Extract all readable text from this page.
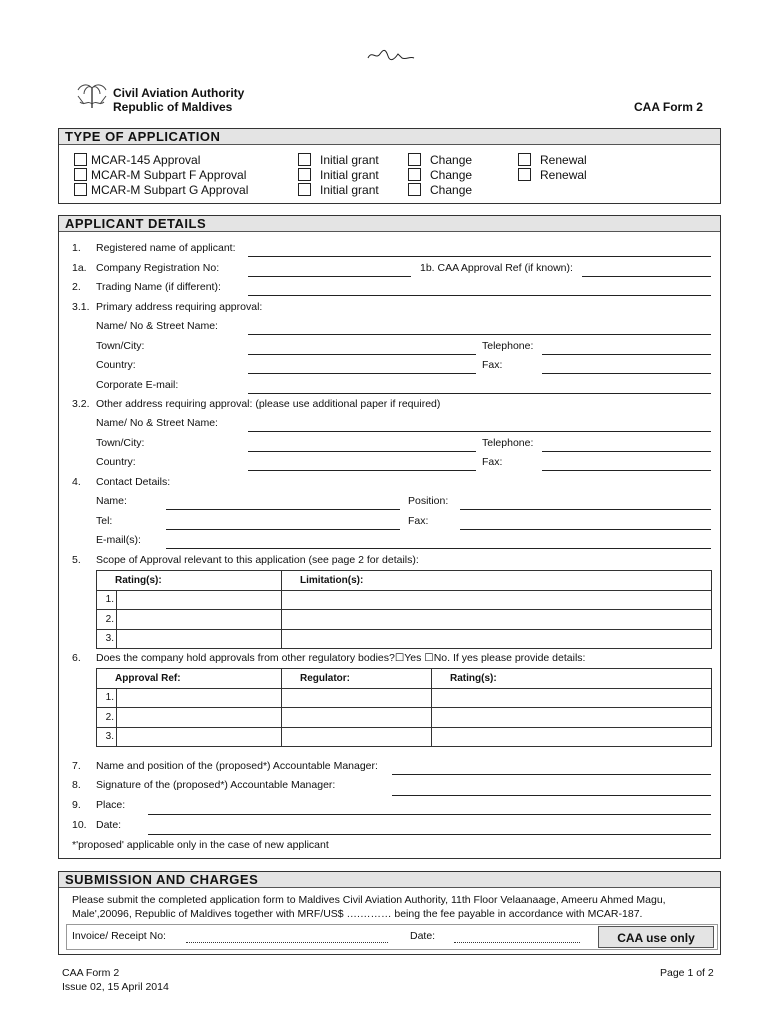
Civil Aviation Authority
Republic of Maldives	CAA Form 2
TYPE OF APPLICATION
MCAR-145 Approval	Initial grant	Change	Renewal
MCAR-M Subpart F Approval	Initial grant	Change	Renewal
MCAR-M Subpart G Approval	Initial grant	Change
APPLICANT DETAILS
1. Registered name of applicant:
1a. Company Registration No:	1b. CAA Approval Ref (if known):
2. Trading Name (if different):
3.1. Primary address requiring approval:
Name/ No & Street Name:
Town/City:	Telephone:
Country:	Fax:
Corporate E-mail:
3.2. Other address requiring approval: (please use additional paper if required)
Name/ No & Street Name:
Town/City:	Telephone:
Country:	Fax:
4. Contact Details:
Name:	Position:
Tel:	Fax:
E-mail(s):
5. Scope of Approval relevant to this application (see page 2 for details):
Rating(s):		Limitation(s):
1.		
2.		
3.		
6. Does the company hold approvals from other regulatory bodies?☐Yes ☐No. If yes please provide details:
Approval Ref:		Regulator:	Rating(s):
1.			
2.			
3.			
7. Name and position of the (proposed*) Accountable Manager:
8. Signature of the (proposed*) Accountable Manager:
9. Place:
10. Date:
*'proposed' applicable only in the case of new applicant
SUBMISSION AND CHARGES
Please submit the completed application form to Maldives Civil Aviation Authority, 11th Floor Velaanaage, Ameeru Ahmed Magu,
Male',20096, Republic of Maldives together with MRF/US$ ….……… being the fee payable in accordance with MCAR-187.
Invoice/ Receipt No:	Date:	CAA use only
CAA Form 2
Issue 02, 15 April 2014
Page 1 of 2
